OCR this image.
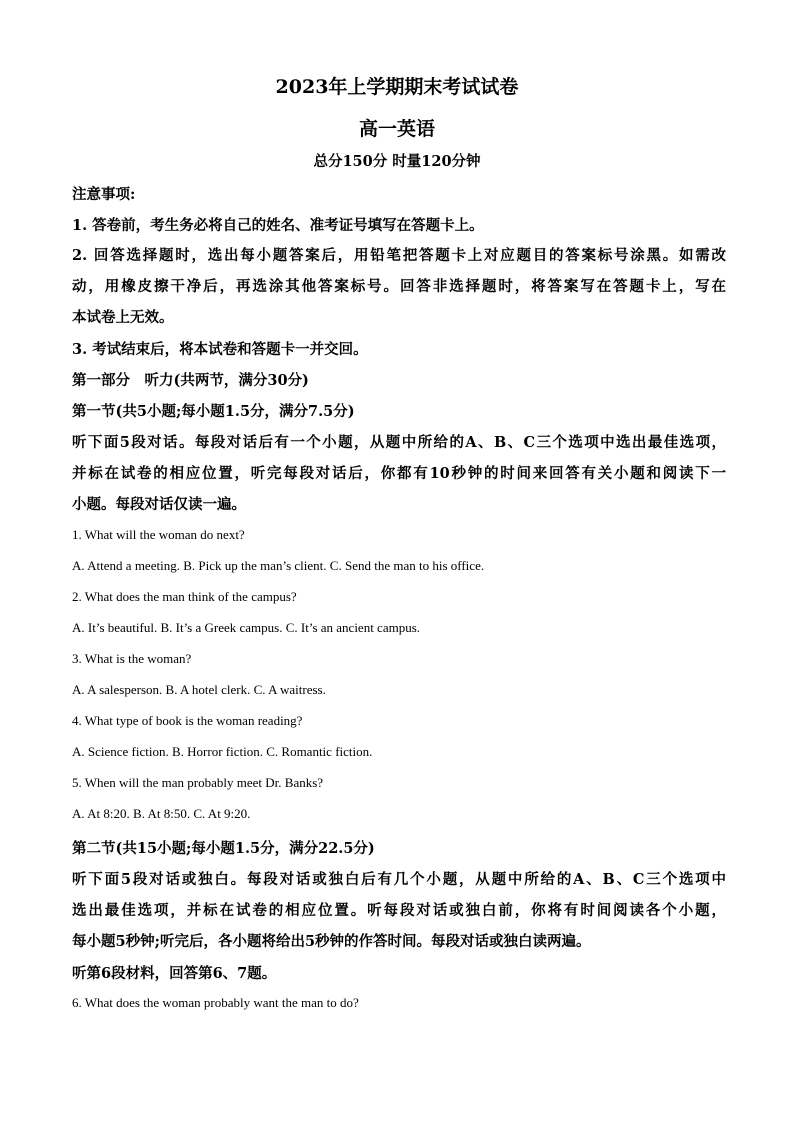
2023年上学期期末考试试卷
高一英语
总分150分 时量120分钟
注意事项:
1. 答卷前，考生务必将自己的姓名、准考证号填写在答题卡上。
2. 回答选择题时，选出每小题答案后，用铅笔把答题卡上对应题目的答案标号涂黑。如需改
动，用橡皮擦干净后，再选涂其他答案标号。回答非选择题时，将答案写在答题卡上，写在
本试卷上无效。
3. 考试结束后，将本试卷和答题卡一并交回。
第一部分　听力(共两节，满分30分)
第一节(共5小题;每小题1.5分，满分7.5分)
听下面5段对话。每段对话后有一个小题，从题中所给的A、B、C三个选项中选出最佳选项，
并标在试卷的相应位置，听完每段对话后，你都有10秒钟的时间来回答有关小题和阅读下一
小题。每段对话仅读一遍。
1. What will the woman do next?
A. Attend a meeting. B. Pick up the man’s client. C. Send the man to his office.
2. What does the man think of the campus?
A. It’s beautiful. B. It’s a Greek campus. C. It’s an ancient campus.
3. What is the woman?
A. A salesperson. B. A hotel clerk. C. A waitress.
4. What type of book is the woman reading?
A. Science fiction. B. Horror fiction. C. Romantic fiction.
5. When will the man probably meet Dr. Banks?
A. At 8:20. B. At 8:50. C. At 9:20.
第二节(共15小题;每小题1.5分，满分22.5分)
听下面5段对话或独白。每段对话或独白后有几个小题，从题中所给的A、B、C三个选项中
选出最佳选项，并标在试卷的相应位置。听每段对话或独白前，你将有时间阅读各个小题，
每小题5秒钟;听完后，各小题将给出5秒钟的作答时间。每段对话或独白读两遍。
听第6段材料，回答第6、7题。
6. What does the woman probably want the man to do?
